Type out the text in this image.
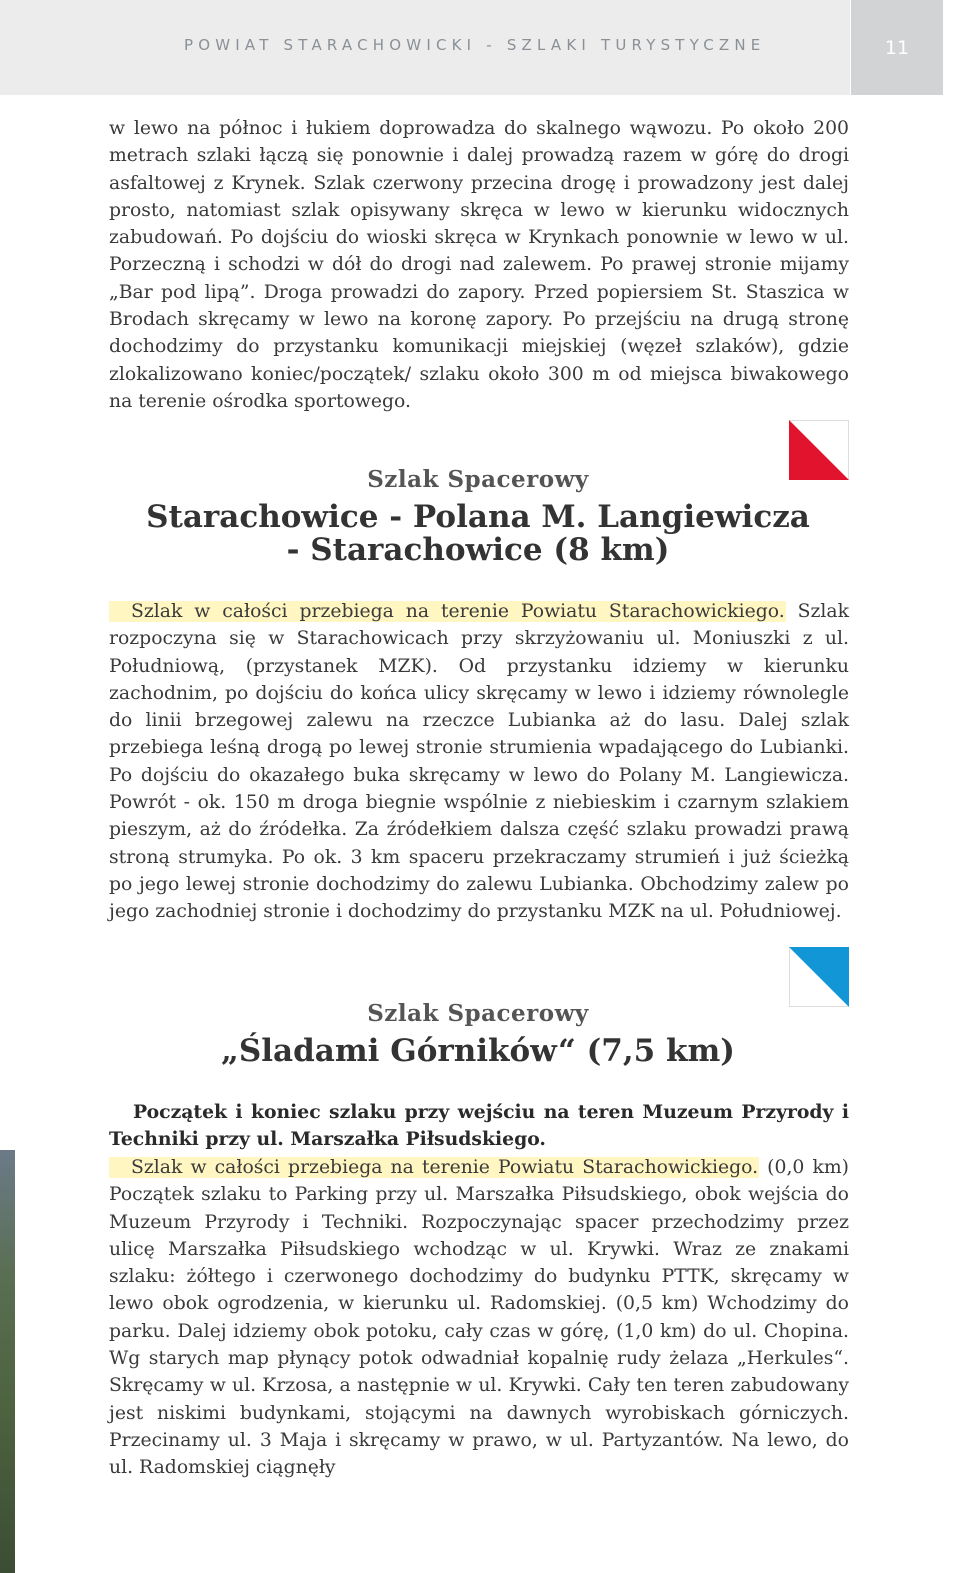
POWIAT STARACHOWICKI - SZLAKI TURYSTYCZNE	11

w lewo na północ i łukiem doprowadza do skalnego wąwozu. Po około 200 metrach szlaki łączą się ponownie i dalej prowadzą razem w górę do drogi asfaltowej z Krynek. Szlak czerwony przecina drogę i prowadzony jest dalej prosto, natomiast szlak opisywany skręca w lewo w kierunku widocznych zabudowań. Po dojściu do wioski skręca w Krynkach ponownie w lewo w ul. Porzeczną i schodzi w dół do drogi nad zalewem. Po prawej stronie mijamy „Bar pod lipą”. Droga prowadzi do zapory. Przed popiersiem St. Staszica w Brodach skręcamy w lewo na koronę zapory. Po przejściu na drugą stronę dochodzimy do przystanku komunikacji miejskiej (węzeł szlaków), gdzie zlokalizowano koniec/początek/ szlaku około 300 m od miejsca biwakowego na terenie ośrodka sportowego.

Szlak Spacerowy
Starachowice - Polana M. Langiewicza
- Starachowice (8 km)

Szlak w całości przebiega na terenie Powiatu Starachowickiego. Szlak rozpoczyna się w Starachowicach przy skrzyżowaniu ul. Moniuszki z ul. Południową, (przystanek MZK). Od przystanku idziemy w kierunku zachodnim, po dojściu do końca ulicy skręcamy w lewo i idziemy równolegle do linii brzegowej zalewu na rzeczce Lubianka aż do lasu. Dalej szlak przebiega leśną drogą po lewej stronie strumienia wpadającego do Lubianki. Po dojściu do okazałego buka skręcamy w lewo do Polany M. Langiewicza. Powrót - ok. 150 m droga biegnie wspólnie z niebieskim i czarnym szlakiem pieszym, aż do źródełka. Za źródełkiem dalsza część szlaku prowadzi prawą stroną strumyka. Po ok. 3 km spaceru przekraczamy strumień i już ścieżką po jego lewej stronie dochodzimy do zalewu Lubianka. Obchodzimy zalew po jego zachodniej stronie i dochodzimy do przystanku MZK na ul. Południowej.

Szlak Spacerowy
„Śladami Górników“ (7,5 km)

Początek i koniec szlaku przy wejściu na teren Muzeum Przyrody i Techniki przy ul. Marszałka Piłsudskiego.

Szlak w całości przebiega na terenie Powiatu Starachowickiego. (0,0 km) Początek szlaku to Parking przy ul. Marszałka Piłsudskiego, obok wejścia do Muzeum Przyrody i Techniki. Rozpoczynając spacer przechodzimy przez ulicę Marszałka Piłsudskiego wchodząc w ul. Krywki. Wraz ze znakami szlaku: żółtego i czerwonego dochodzimy do budynku PTTK, skręcamy w lewo obok ogrodzenia, w kierunku ul. Radomskiej. (0,5 km) Wchodzimy do parku. Dalej idziemy obok potoku, cały czas w górę, (1,0 km) do ul. Chopina. Wg starych map płynący potok odwadniał kopalnię rudy żelaza „Herkules“. Skręcamy w ul. Krzosa, a następnie w ul. Krywki. Cały ten teren zabudowany jest niskimi budynkami, stojącymi na dawnych wyrobiskach górniczych. Przecinamy ul. 3 Maja i skręcamy w prawo, w ul. Partyzantów. Na lewo, do ul. Radomskiej ciągnęły
